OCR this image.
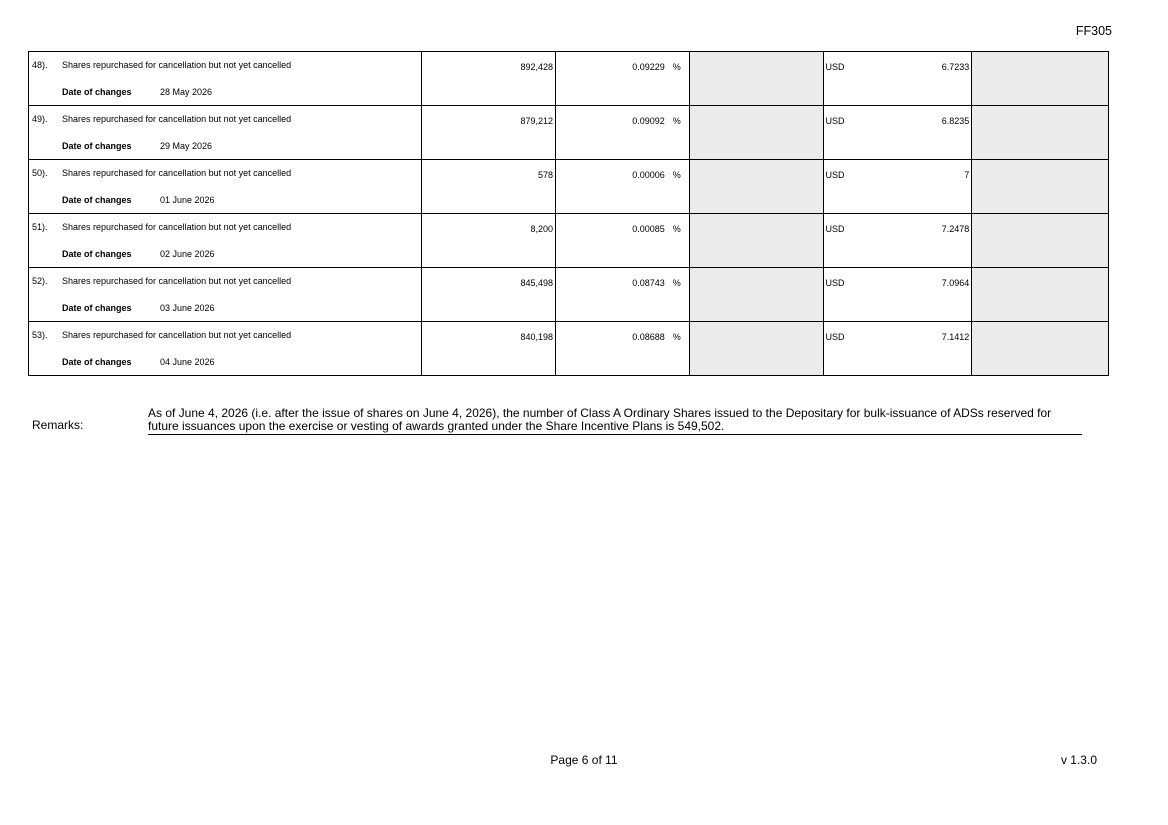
FF305
48). Shares repurchased for cancellation but not yet cancelled
Date of changes	28 May 2026
892,428	0.09229 %	USD	6.7233
49). Shares repurchased for cancellation but not yet cancelled
Date of changes	29 May 2026
879,212	0.09092 %	USD	6.8235
50). Shares repurchased for cancellation but not yet cancelled
Date of changes	01 June 2026
578	0.00006 %	USD	7
51). Shares repurchased for cancellation but not yet cancelled
Date of changes	02 June 2026
8,200	0.00085 %	USD	7.2478
52). Shares repurchased for cancellation but not yet cancelled
Date of changes	03 June 2026
845,498	0.08743 %	USD	7.0964
53). Shares repurchased for cancellation but not yet cancelled
Date of changes	04 June 2026
840,198	0.08688 %	USD	7.1412
Remarks:
As of June 4, 2026 (i.e. after the issue of shares on June 4, 2026), the number of Class A Ordinary Shares issued to the Depositary for bulk-issuance of ADSs reserved for future issuances upon the exercise or vesting of awards granted under the Share Incentive Plans is 549,502.
Page 6 of 11	v 1.3.0
